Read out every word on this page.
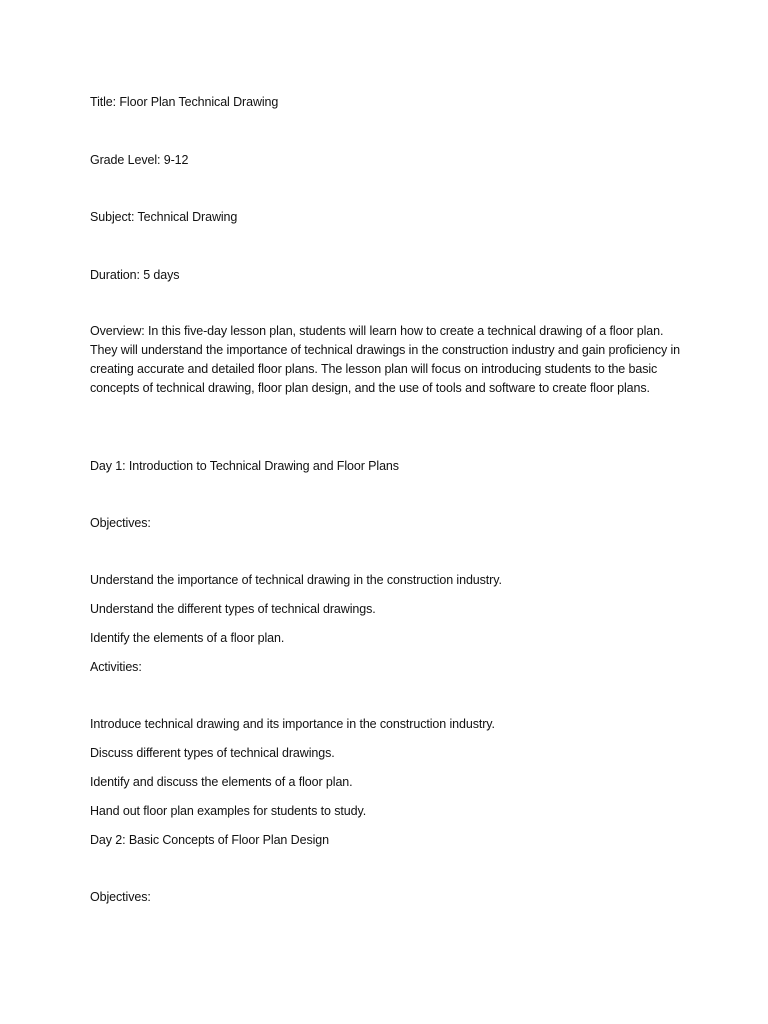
Title: Floor Plan Technical Drawing
Grade Level: 9-12
Subject: Technical Drawing
Duration: 5 days
Overview: In this five-day lesson plan, students will learn how to create a technical drawing of a floor plan. They will understand the importance of technical drawings in the construction industry and gain proficiency in creating accurate and detailed floor plans. The lesson plan will focus on introducing students to the basic concepts of technical drawing, floor plan design, and the use of tools and software to create floor plans.
Day 1: Introduction to Technical Drawing and Floor Plans
Objectives:
Understand the importance of technical drawing in the construction industry.
Understand the different types of technical drawings.
Identify the elements of a floor plan.
Activities:
Introduce technical drawing and its importance in the construction industry.
Discuss different types of technical drawings.
Identify and discuss the elements of a floor plan.
Hand out floor plan examples for students to study.
Day 2: Basic Concepts of Floor Plan Design
Objectives:
